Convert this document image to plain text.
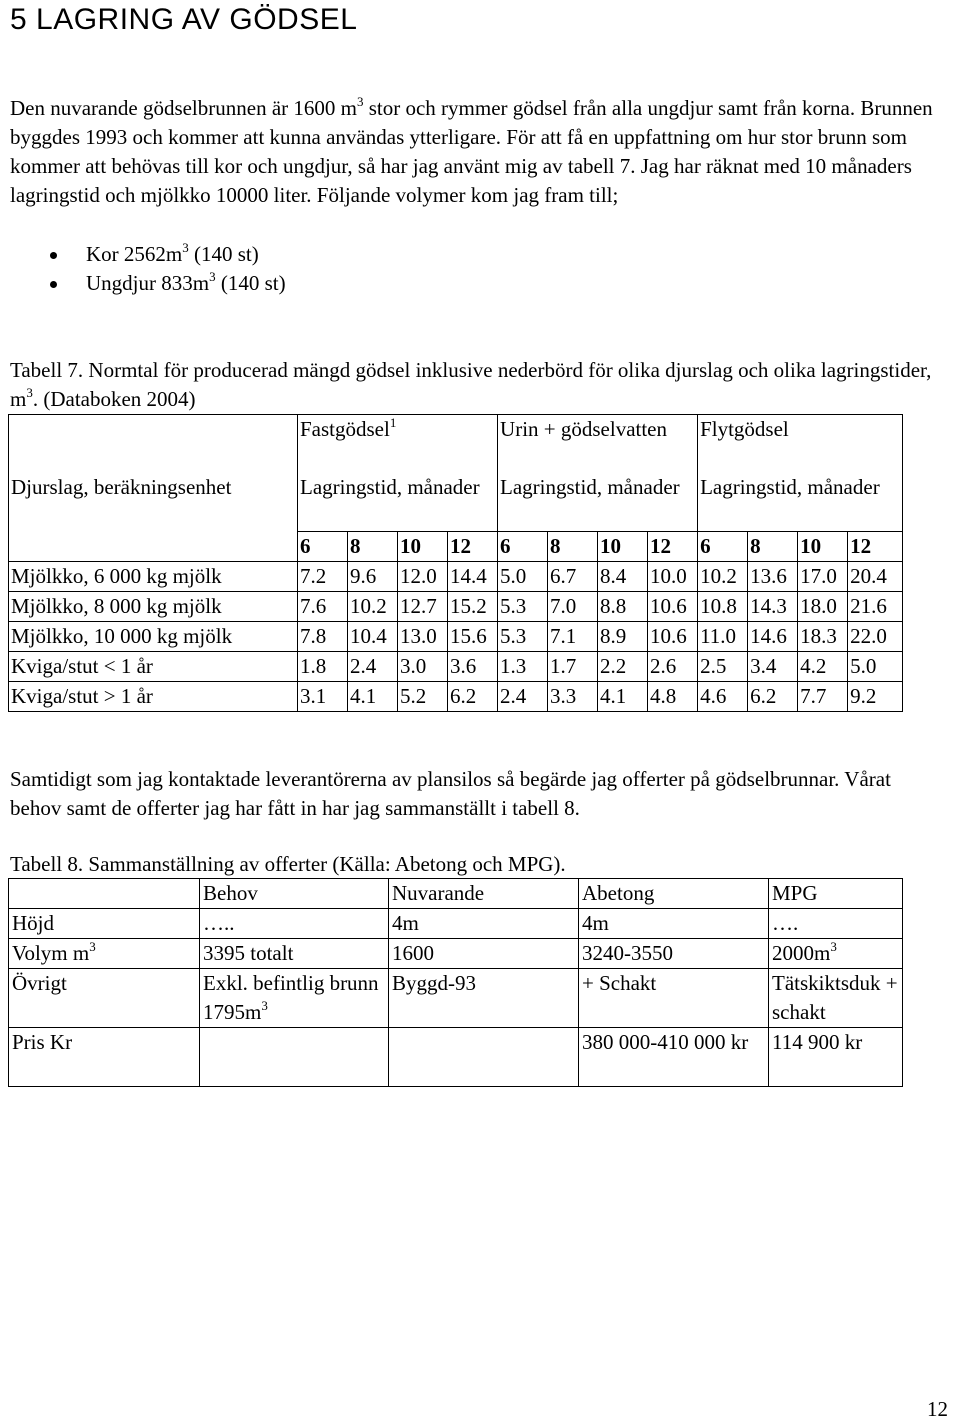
5 LAGRING AV GÖDSEL

Den nuvarande gödselbrunnen är 1600 $m^3$ stor och rymmer gödsel från alla ungdjur samt från korna. Brunnen byggdes 1993 och kommer att kunna användas ytterligare. För att få en uppfattning om hur stor brunn som kommer att behövas till kor och ungdjur, så har jag använt mig av tabell 7. Jag har räknat med 10 månaders lagringstid och mjölkko 10000 liter. Följande volymer kom jag fram till;

Kor $2562m^3$ (140 st)
Ungdjur $833m^3$ (140 st)

Tabell 7. Normtal för producerad mängd gödsel inklusive nederbörd för olika djurslag och olika lagringstider, $m^3$. (Databoken 2004)

	Fastgödsel$^1$				Urin + gödselvatten				Flytgödsel			
Djurslag, beräkningsenhet	Lagringstid, månader				Lagringstid, månader				Lagringstid, månader			
	6	8	10	12	6	8	10	12	6	8	10	12
Mjölkko, 6 000 kg mjölk	7.2	9.6	12.0	14.4	5.0	6.7	8.4	10.0	10.2	13.6	17.0	20.4
Mjölkko, 8 000 kg mjölk	7.6	10.2	12.7	15.2	5.3	7.0	8.8	10.6	10.8	14.3	18.0	21.6
Mjölkko, 10 000 kg mjölk	7.8	10.4	13.0	15.6	5.3	7.1	8.9	10.6	11.0	14.6	18.3	22.0
Kviga/stut < 1 år	1.8	2.4	3.0	3.6	1.3	1.7	2.2	2.6	2.5	3.4	4.2	5.0
Kviga/stut > 1 år	3.1	4.1	5.2	6.2	2.4	3.3	4.1	4.8	4.6	6.2	7.7	9.2

Samtidigt som jag kontaktade leverantörerna av plansilos så begärde jag offerter på gödselbrunnar. Vårat behov samt de offerter jag har fått in har jag sammanställt i tabell 8.

Tabell 8. Sammanställning av offerter (Källa: Abetong och MPG).

	Behov	Nuvarande	Abetong	MPG
Höjd	…..	4m	4m	….
Volym $m^3$	3395 totalt	1600	3240-3550	$2000m^3$
Övrigt	Exkl. befintlig brunn $1795m^3$	Byggd-93	+ Schakt	Tätskiktsduk + schakt
Pris Kr			380 000-410 000 kr	114 900 kr
12
